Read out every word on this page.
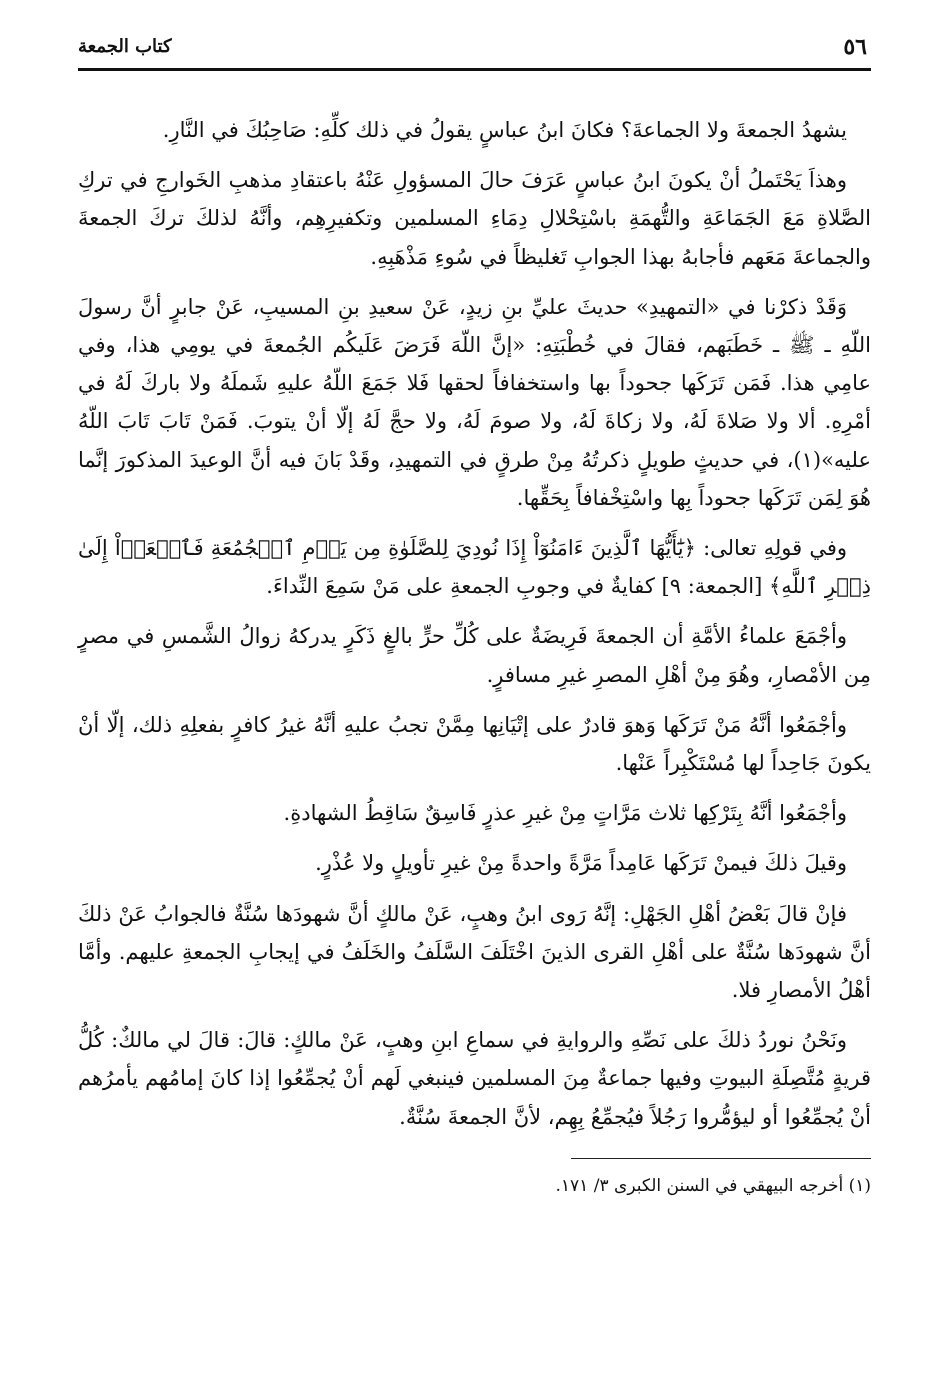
٥٦
كتاب الجمعة

يشهدُ الجمعةَ ولا الجماعةَ؟ فكانَ ابنُ عباسٍ يقولُ في ذلك كلِّهِ: صَاحِبُكَ في النَّارِ.

وهذاَ يَحْتَملُ أنْ يكونَ ابنُ عباسٍ عَرَفَ حالَ المسؤولِ عَنْهُ باعتقادِ مذهبِ الخَوارجِ في تركِ الصَّلاةِ مَعَ الجَمَاعَةِ والتُّهمَةِ باسْتِحْلالِ دِمَاءِ المسلمين وتكفيرِهِم، وأنَّهُ لذلكَ تركَ الجمعةَ والجماعةَ مَعَهم فأجابهُ بهذا الجوابِ تَغليظاً في سُوءِ مَذْهَبِهِ.

وَقَدْ ذكرْنا في «التمهيدِ» حديثَ عليِّ بنِ زيدٍ، عَنْ سعيدِ بنِ المسيبِ، عَنْ جابرٍ أنَّ رسولَ اللّهِ ـ ﷺ ـ خَطَبَهم، فقالَ في خُطْبَتِهِ: «إنَّ اللّهَ فَرَضَ عَلَيكُم الجُمعةَ في يومِي هذا، وفي عامِي هذا. فَمَن تَرَكَها جحوداً بها واستخفافاً لحقها فَلا جَمَعَ اللّهُ عليهِ شَملَهُ ولا باركَ لَهُ في أمْرِهِ. ألا ولا صَلاةَ لَهُ، ولا زكاةَ لَهُ، ولا صومَ لَهُ، ولا حجَّ لَهُ إلّا أنْ يتوبَ. فَمَنْ تَابَ تَابَ اللّهُ عليه»(١)، في حديثٍ طويلٍ ذكرتُهُ مِنْ طرقٍ في التمهيدِ، وقَدْ بَانَ فيه أنَّ الوعيدَ المذكورَ إنَّما هُوَ لِمَن تَرَكَها جحوداً بِها واسْتِخْفافاً بِحَقِّها.

وفي قولِهِ تعالى: ﴿يَٰٓأَيُّهَا ٱلَّذِينَ ءَامَنُوٓاْ إِذَا نُودِيَ لِلصَّلَوٰةِ مِن يَوۡمِ ٱلۡجُمُعَةِ فَٱسۡعَوۡاْ إِلَىٰ ذِكۡرِ ٱللَّهِ﴾ [الجمعة: ٩] كفايةٌ في وجوبِ الجمعةِ على مَنْ سَمِعَ النِّداءَ.

وأجْمَعَ علماءُ الأمَّةِ أن الجمعةَ فَرِيضَةٌ على كُلِّ حرٍّ بالغٍ ذَكَرٍ يدركهُ زوالُ الشَّمسِ في مصرٍ مِن الأمْصارِ، وهُوَ مِنْ أهْلِ المصرِ غيرِ مسافرٍ.

وأجْمَعُوا أنَّهُ مَنْ تَرَكَها وَهوَ قادرٌ على إتْيَانِها مِمَّنْ تجبُ عليهِ أنَّهُ غيرُ كافرٍ بفعلِهِ ذلك، إلّا أنْ يكونَ جَاحِداً لها مُسْتَكْبِراً عَنْها.

وأجْمَعُوا أنَّهُ بِتَرْكِها ثلاث مَرَّاتٍ مِنْ غيرِ عذرٍ فَاسِقٌ سَاقِطُ الشهادةِ.

وقيلَ ذلكَ فيمنْ تَرَكَها عَامِداً مَرَّةً واحدةً مِنْ غيرِ تأويلٍ ولا عُذْرٍ.

فإنْ قالَ بَعْضُ أهْلِ الجَهْلِ: إنَّهُ رَوى ابنُ وهبٍ، عَنْ مالكٍ أنَّ شهودَها سُنَّةٌ فالجوابُ عَنْ ذلكَ أنَّ شهودَها سُنَّةٌ على أهْلِ القرى الذينَ اخْتَلَفَ السَّلَفُ والخَلَفُ في إيجابِ الجمعةِ عليهم. وأمَّا أهْلُ الأمصارِ فلا.

ونَحْنُ نوردُ ذلكَ على نَصِّهِ والروايةِ في سماعِ ابنِ وهبٍ، عَنْ مالكٍ: قالَ: قالَ لي مالكٌ: كُلُّ قريةٍ مُتَّصِلَةِ البيوتِ وفيها جماعةٌ مِنَ المسلمين فينبغي لَهم أنْ يُجمِّعُوا إذا كانَ إمامُهم يأمرُهم أنْ يُجمِّعُوا أو ليؤمُّروا رَجُلاً فيُجمِّعُ بِهِم، لأنَّ الجمعةَ سُنَّةٌ.

(١) أخرجه البيهقي في السنن الكبرى ٣/ ١٧١.
